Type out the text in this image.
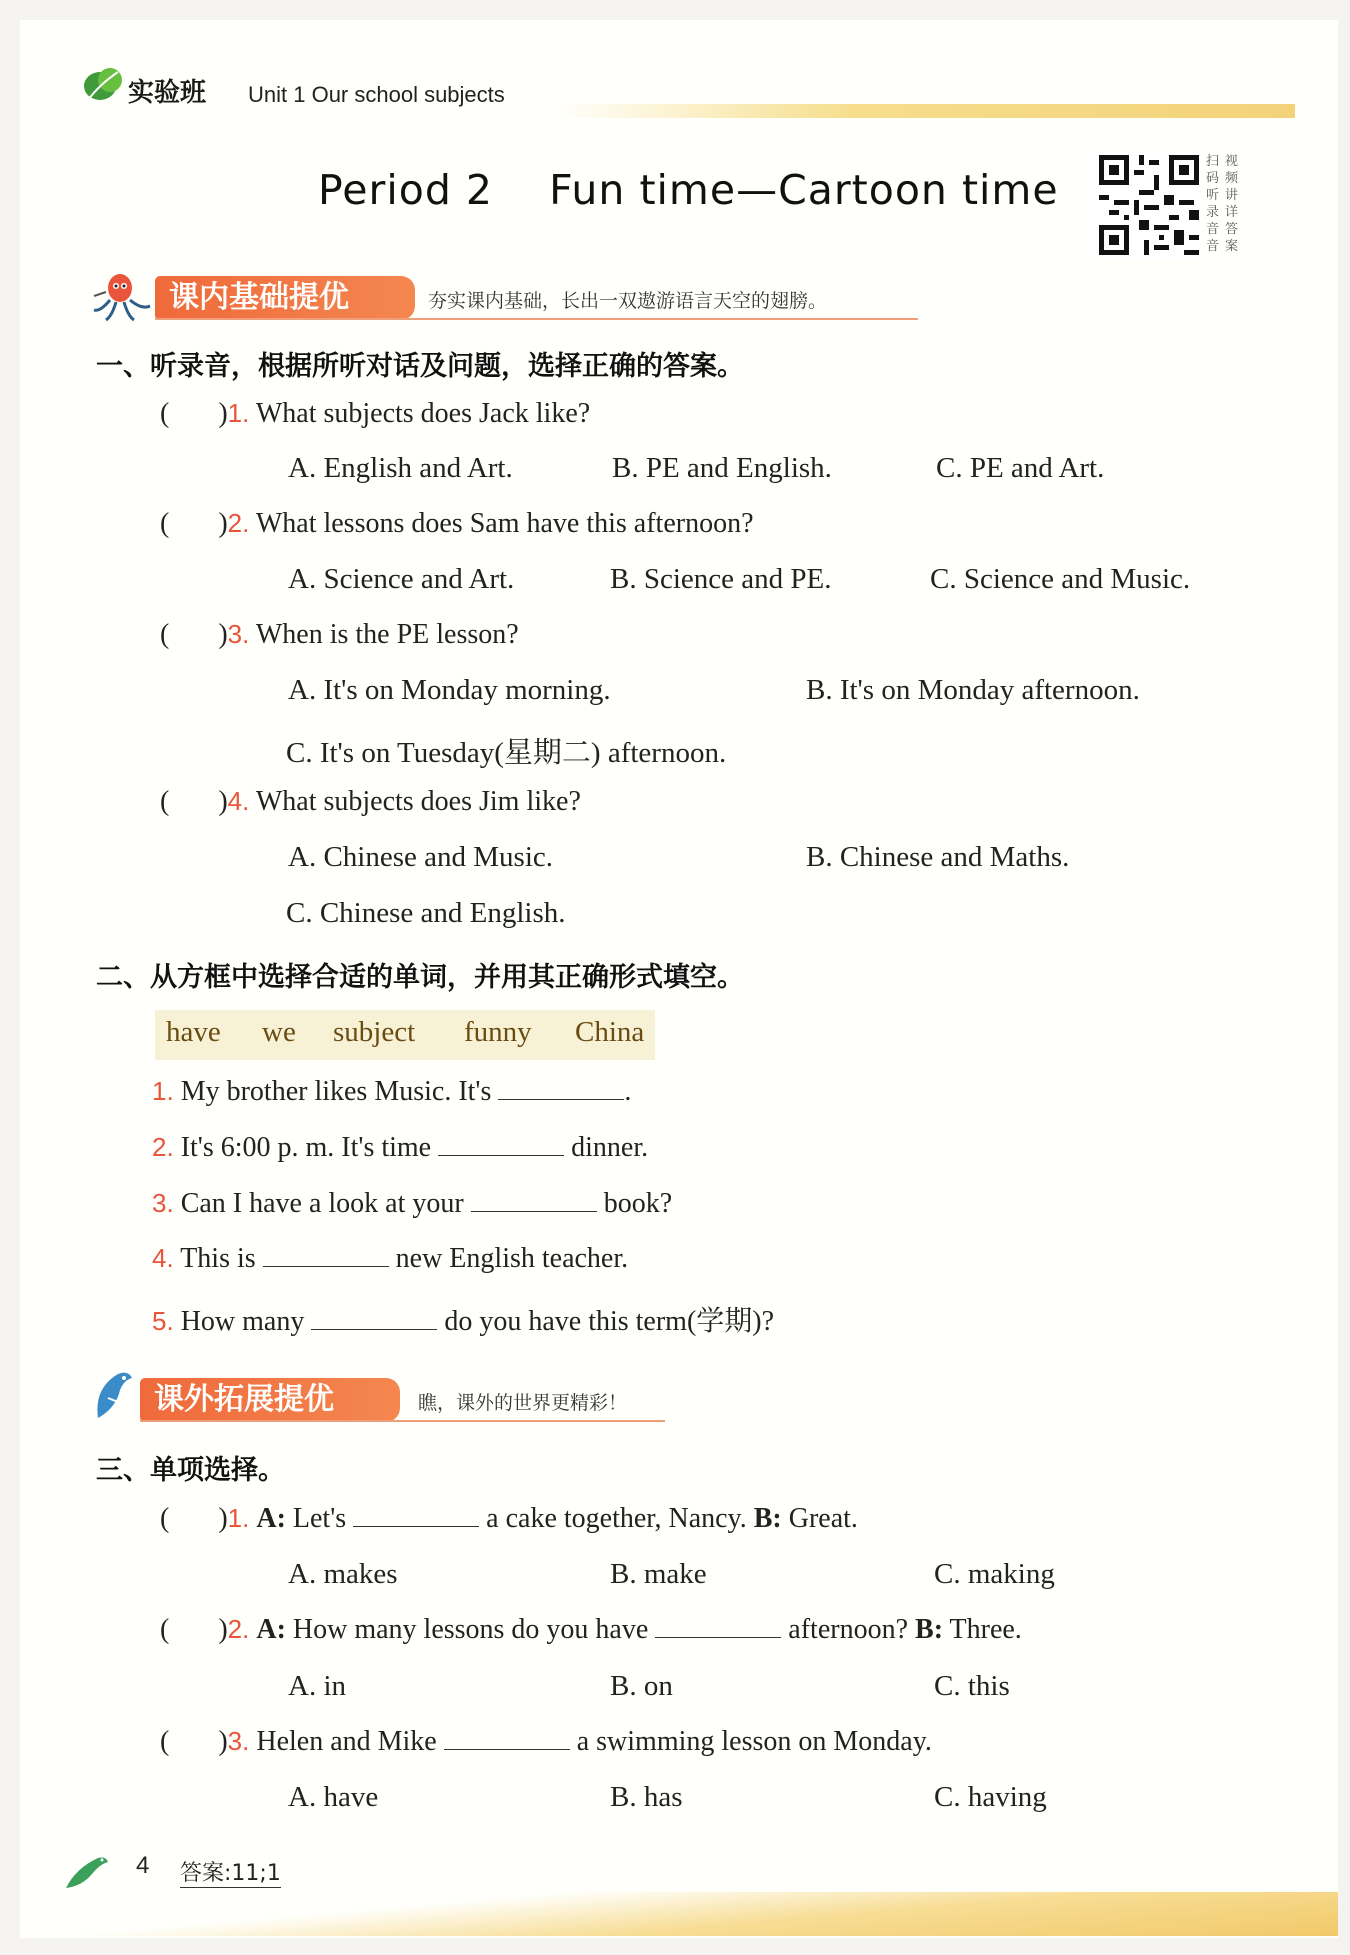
实验班 Unit 1 Our school subjects
Period 2    Fun time—Cartoon time
扫 视
码 频
听 讲
录 详
音 答
音 案
课内基础提优	夯实课内基础，长出一双遨游语言天空的翅膀。
一、听录音，根据所听对话及问题，选择正确的答案。
(       )1. What subjects does Jack like?
A. English and Art.	B. PE and English.	C. PE and Art.
(       )2. What lessons does Sam have this afternoon?
A. Science and Art.	B. Science and PE.	C. Science and Music.
(       )3. When is the PE lesson?
A. It's on Monday morning.	B. It's on Monday afternoon.
C. It's on Tuesday(星期二) afternoon.
(       )4. What subjects does Jim like?
A. Chinese and Music.	B. Chinese and Maths.
C. Chinese and English.
二、从方框中选择合适的单词，并用其正确形式填空。
have we subject funny China
1. My brother likes Music. It's	.
2. It's 6:00 p. m. It's time	dinner.
3. Can I have a look at your	book?
4. This is	new English teacher.
5. How many	do you have this term(学期)?
课外拓展提优	瞧，课外的世界更精彩！
三、单项选择。
(       )1. A: Let's	a cake together, Nancy. B: Great.
A. makes	B. make	C. making
(       )2. A: How many lessons do you have	afternoon? B: Three.
A. in	B. on	C. this
(       )3. Helen and Mike	a swimming lesson on Monday.
A. have	B. has	C. having
4 答案:11;1
